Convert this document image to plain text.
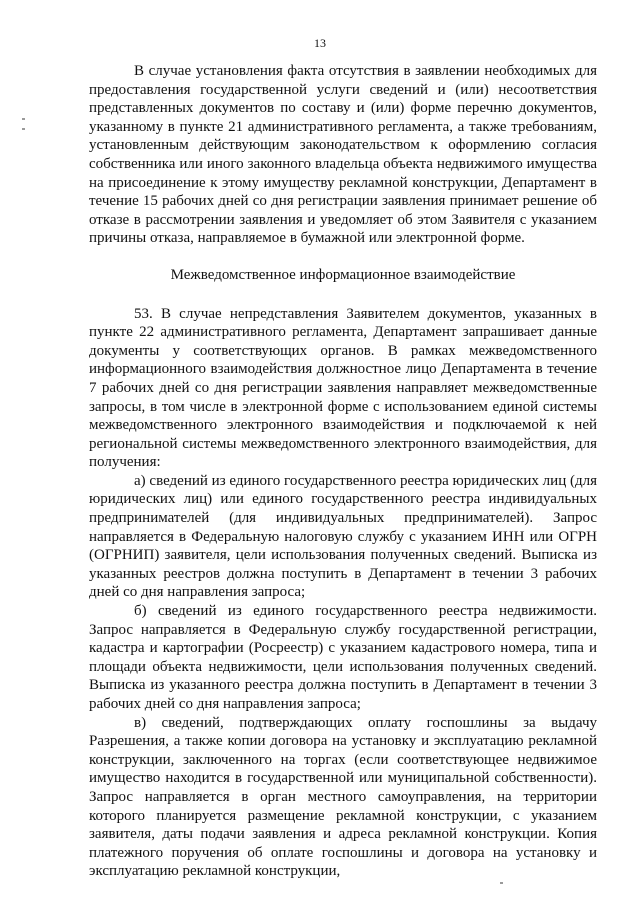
13

В случае установления факта отсутствия в заявлении необходимых для предоставления государственной услуги сведений и (или) несоответствия представленных документов по составу и (или) форме перечню документов, указанному в пункте 21 административного регламента, а также требованиям, установленным действующим законодательством к оформлению согласия собственника или иного законного владельца объекта недвижимого имущества на присоединение к этому имуществу рекламной конструкции, Департамент в течение 15 рабочих дней со дня регистрации заявления принимает решение об отказе в рассмотрении заявления и уведомляет об этом Заявителя с указанием причины отказа, направляемое в бумажной или электронной форме.

Межведомственное информационное взаимодействие

53. В случае непредставления Заявителем документов, указанных в пункте 22 административного регламента, Департамент запрашивает данные документы у соответствующих органов. В рамках межведомственного информационного взаимодействия должностное лицо Департамента в течение 7 рабочих дней со дня регистрации заявления направляет межведомственные запросы, в том числе в электронной форме с использованием единой системы межведомственного электронного взаимодействия и подключаемой к ней региональной системы межведомственного электронного взаимодействия, для получения:

а) сведений из единого государственного реестра юридических лиц (для юридических лиц) или единого государственного реестра индивидуальных предпринимателей (для индивидуальных предпринимателей). Запрос направляется в Федеральную налоговую службу с указанием ИНН или ОГРН (ОГРНИП) заявителя, цели использования полученных сведений. Выписка из указанных реестров должна поступить в Департамент в течении 3 рабочих дней со дня направления запроса;

б) сведений из единого государственного реестра недвижимости. Запрос направляется в Федеральную службу государственной регистрации, кадастра и картографии (Росреестр) с указанием кадастрового номера, типа и площади объекта недвижимости, цели использования полученных сведений. Выписка из указанного реестра должна поступить в Департамент в течении 3 рабочих дней со дня направления запроса;

в) сведений, подтверждающих оплату госпошлины за выдачу Разрешения, а также копии договора на установку и эксплуатацию рекламной конструкции, заключенного на торгах (если соответствующее недвижимое имущество находится в государственной или муниципальной собственности). Запрос направляется в орган местного самоуправления, на территории которого планируется размещение рекламной конструкции, с указанием заявителя, даты подачи заявления и адреса рекламной конструкции. Копия платежного поручения об оплате госпошлины и договора на установку и эксплуатацию рекламной конструкции,
